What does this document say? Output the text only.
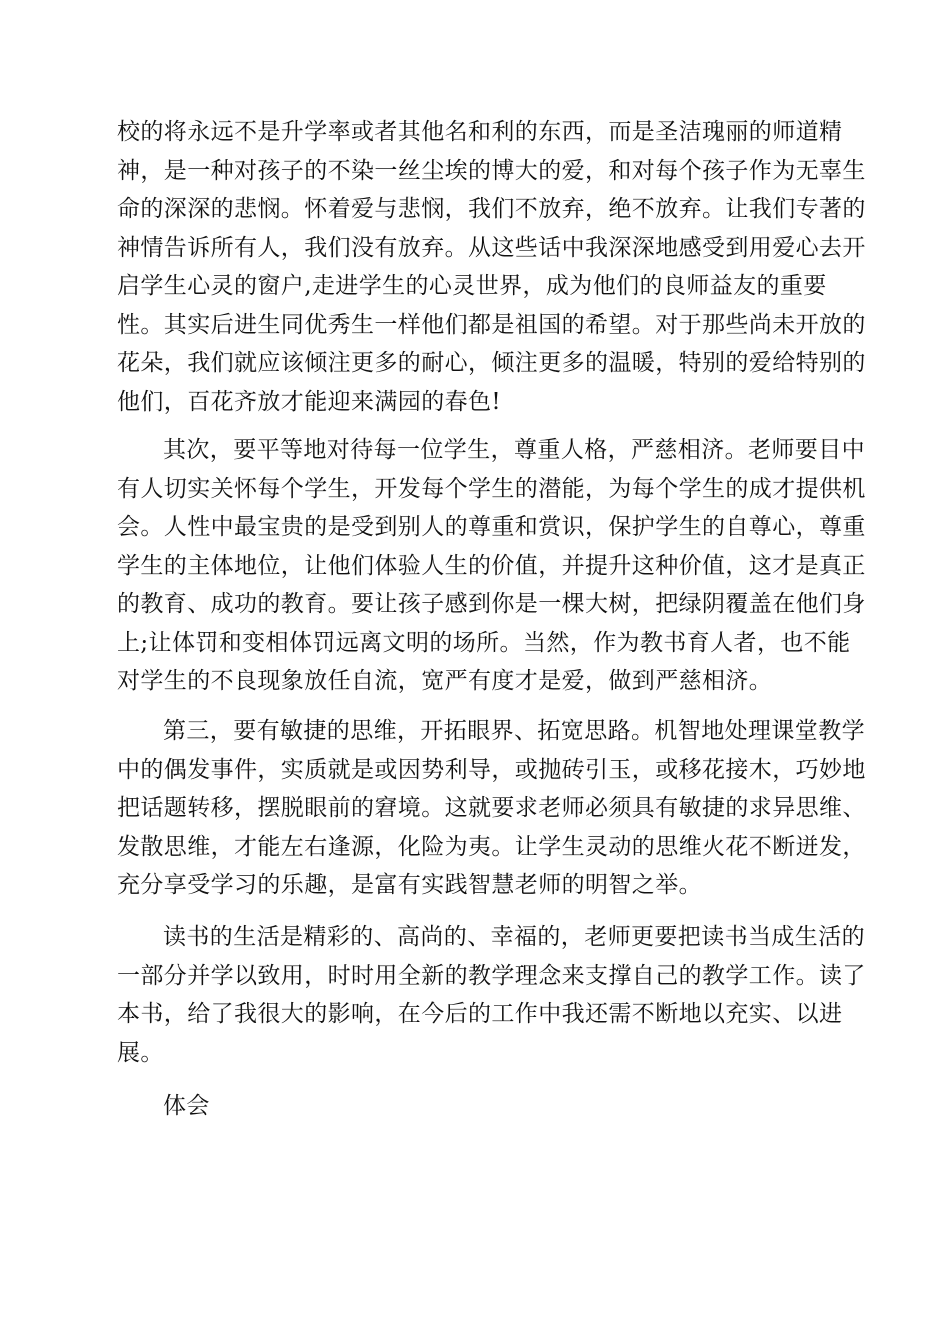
校的将永远不是升学率或者其他名和利的东西，而是圣洁瑰丽的师道精
神，是一种对孩子的不染一丝尘埃的博大的爱，和对每个孩子作为无辜生
命的深深的悲悯。怀着爱与悲悯，我们不放弃，绝不放弃。让我们专著的
神情告诉所有人，我们没有放弃。从这些话中我深深地感受到用爱心去开
启学生心灵的窗户,走进学生的心灵世界，成为他们的良师益友的重要
性。其实后进生同优秀生一样他们都是祖国的希望。对于那些尚未开放的
花朵，我们就应该倾注更多的耐心，倾注更多的温暖，特别的爱给特别的
他们，百花齐放才能迎来满园的春色!
其次，要平等地对待每一位学生，尊重人格，严慈相济。老师要目中
有人切实关怀每个学生，开发每个学生的潜能，为每个学生的成才提供机
会。人性中最宝贵的是受到别人的尊重和赏识，保护学生的自尊心，尊重
学生的主体地位，让他们体验人生的价值，并提升这种价值，这才是真正
的教育、成功的教育。要让孩子感到你是一棵大树，把绿阴覆盖在他们身
上;让体罚和变相体罚远离文明的场所。当然，作为教书育人者，也不能
对学生的不良现象放任自流，宽严有度才是爱，做到严慈相济。
第三，要有敏捷的思维，开拓眼界、拓宽思路。机智地处理课堂教学
中的偶发事件，实质就是或因势利导，或抛砖引玉，或移花接木，巧妙地
把话题转移，摆脱眼前的窘境。这就要求老师必须具有敏捷的求异思维、
发散思维，才能左右逢源，化险为夷。让学生灵动的思维火花不断迸发，
充分享受学习的乐趣，是富有实践智慧老师的明智之举。
读书的生活是精彩的、高尚的、幸福的，老师更要把读书当成生活的
一部分并学以致用，时时用全新的教学理念来支撑自己的教学工作。读了
本书，给了我很大的影响，在今后的工作中我还需不断地以充实、以进
展。
体会
